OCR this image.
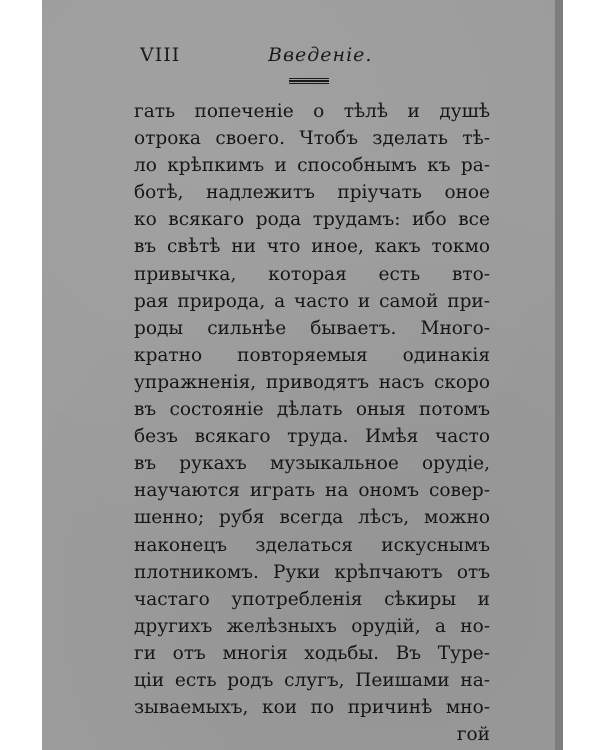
VIII	Введеніе.
гать попеченіе о тѣлѣ и душѣ
отрока своего. Чтобъ зделать тѣ-
ло крѣпкимъ и способнымъ къ ра-
ботѣ, надлежитъ пріучать оное
ко всякаго рода трудамъ: ибо все
въ свѣтѣ ни что иное, какъ токмо
привычка, которая есть вто-
рая природа, а часто и самой при-
роды сильнѣе бываетъ. Много-
кратно повторяемыя одинакія
упражненія, приводятъ насъ скоро
въ состояніе дѣлать оныя потомъ
безъ всякаго труда. Имѣя часто
въ рукахъ музыкальное орудіе,
научаются играть на ономъ совер-
шенно; рубя всегда лѣсъ, можно
наконецъ зделаться искуснымъ
плотникомъ. Руки крѣпчаютъ отъ
частаго употребленія сѣкиры и
другихъ желѣзныхъ орудій, а но-
ги отъ многія ходьбы. Въ Туре-
ціи есть родъ слугъ, Пеишами на-
зываемыхъ, кои по причинѣ мно-
гой
